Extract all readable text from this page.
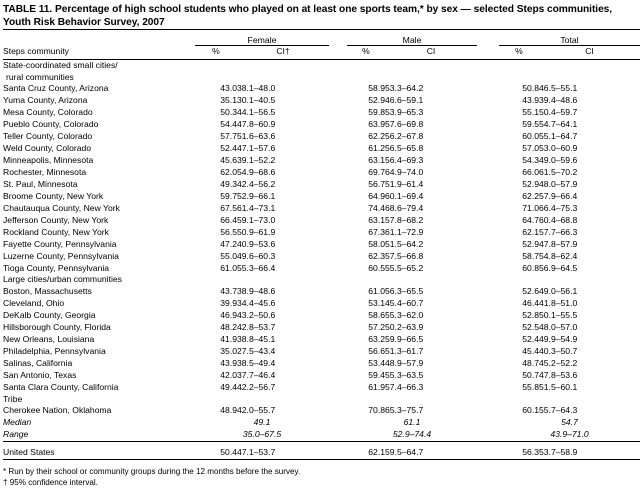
TABLE 11. Percentage of high school students who played on at least one sports team,* by sex — selected Steps communities, Youth Risk Behavior Survey, 2007

	Female			Male			Total	
Steps community	%	CI†		%	CI		%	CI

State-coordinated small cities/
rural communities								

Santa Cruz County, Arizona	43.0	38.1–48.0		58.9	53.3–64.2		50.8	46.5–55.1
Yuma County, Arizona	35.1	30.1–40.5		52.9	46.6–59.1		43.9	39.4–48.6
Mesa County, Colorado	50.3	44.1–56.5		59.8	53.9–65.3		55.1	50.4–59.7
Pueblo County, Colorado	54.4	47.8–60.9		63.9	57.6–69.8		59.5	54.7–64.1
Teller County, Colorado	57.7	51.6–63.6		62.2	56.2–67.8		60.0	55.1–64.7
Weld County, Colorado	52.4	47.1–57.6		61.2	56.5–65.8		57.0	53.0–60.9
Minneapolis, Minnesota	45.6	39.1–52.2		63.1	56.4–69.3		54.3	49.0–59.6
Rochester, Minnesota	62.0	54.9–68.6		69.7	64.9–74.0		66.0	61.5–70.2
St. Paul, Minnesota	49.3	42.4–56.2		56.7	51.9–61.4		52.9	48.0–57.9
Broome County, New York	59.7	52.9–66.1		64.9	60.1–69.4		62.2	57.9–66.4
Chautauqua County, New York	67.5	61.4–73.1		74.4	68.6–79.4		71.0	66.4–75.3
Jefferson County, New York	66.4	59.1–73.0		63.1	57.8–68.2		64.7	60.4–68.8
Rockland County, New York	56.5	50.9–61.9		67.3	61.1–72.9		62.1	57.7–66.3
Fayette County, Pennsylvania	47.2	40.9–53.6		58.0	51.5–64.2		52.9	47.8–57.9
Luzerne County, Pennsylvania	55.0	49.6–60.3		62.3	57.5–66.8		58.7	54.8–62.4
Tioga County, Pennsylvania	61.0	55.3–66.4		60.5	55.5–65.2		60.8	56.9–64.5

Large cities/urban communities								

Boston, Massachusetts	43.7	38.9–48.6		61.0	56.3–65.5		52.6	49.0–56.1
Cleveland, Ohio	39.9	34.4–45.6		53.1	45.4–60.7		46.4	41.8–51.0
DeKalb County, Georgia	46.9	43.2–50.6		58.6	55.3–62.0		52.8	50.1–55.5
Hillsborough County, Florida	48.2	42.8–53.7		57.2	50.2–63.9		52.5	48.0–57.0
New Orleans, Louisiana	41.9	38.8–45.1		63.2	59.9–66.5		52.4	49.9–54.9
Philadelphia, Pennsylvania	35.0	27.5–43.4		56.6	51.3–61.7		45.4	40.3–50.7
Salinas, California	43.9	38.5–49.4		53.4	48.9–57.9		48.7	45.2–52.2
San Antonio, Texas	42.0	37.7–46.4		59.4	55.3–63.5		50.7	47.8–53.6
Santa Clara County, California	49.4	42.2–56.7		61.9	57.4–66.3		55.8	51.5–60.1

Tribe								

Cherokee Nation, Oklahoma	48.9	42.0–55.7		70.8	65.3–75.7		60.1	55.7–64.3
Median	49.1			61.1			54.7	
Range	35.0–67.5			52.9–74.4			43.9–71.0	

United States	50.4	47.1–53.7		62.1	59.5–64.7		56.3	53.7–58.9

* Run by their school or community groups during the 12 months before the survey.
† 95% confidence interval.
